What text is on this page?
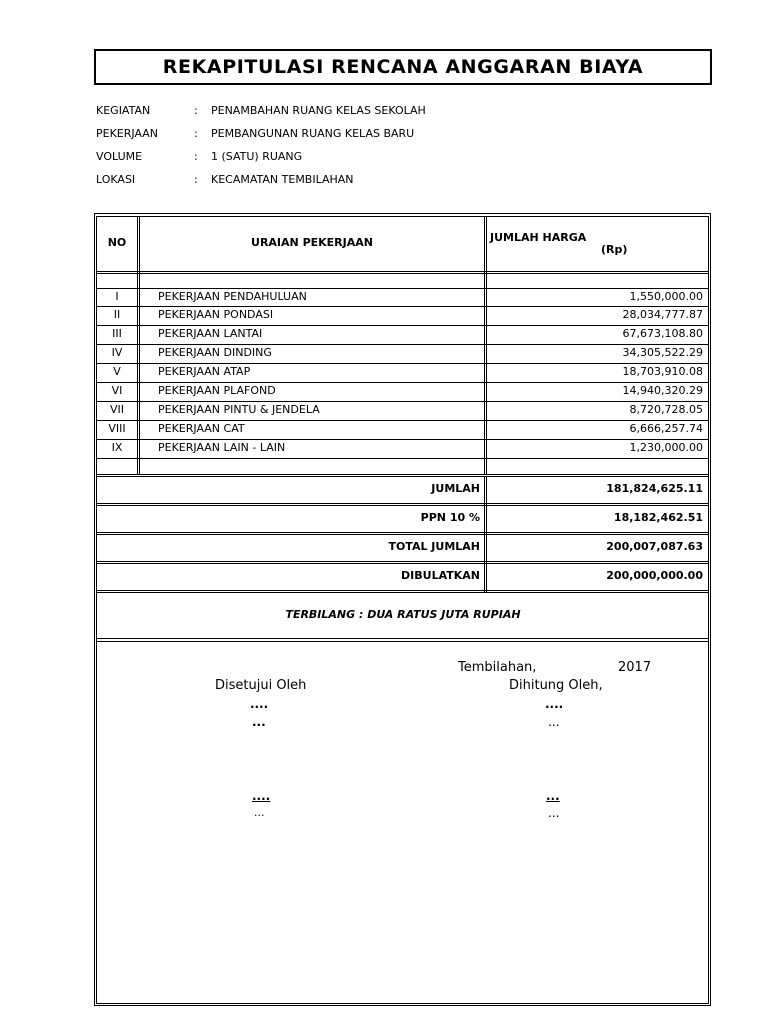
REKAPITULASI RENCANA ANGGARAN BIAYA
KEGIATAN	: PENAMBAHAN RUANG KELAS SEKOLAH
PEKERJAAN	: PEMBANGUNAN RUANG KELAS BARU
VOLUME	: 1 (SATU) RUANG
LOKASI	: KECAMATAN TEMBILAHAN
NO	URAIAN PEKERJAAN	JUMLAH HARGA
(Rp)
I	PEKERJAAN PENDAHULUAN	1,550,000.00
II	PEKERJAAN PONDASI	28,034,777.87
III	PEKERJAAN LANTAI	67,673,108.80
IV	PEKERJAAN DINDING	34,305,522.29
V	PEKERJAAN ATAP	18,703,910.08
VI	PEKERJAAN PLAFOND	14,940,320.29
VII	PEKERJAAN PINTU & JENDELA	8,720,728.05
VIII	PEKERJAAN CAT	6,666,257.74
IX	PEKERJAAN LAIN - LAIN	1,230,000.00
JUMLAH	181,824,625.11
PPN 10 %	18,182,462.51
TOTAL JUMLAH	200,007,087.63
DIBULATKAN	200,000,000.00
TERBILANG : DUA RATUS JUTA RUPIAH
Tembilahan,	2017
Disetujui Oleh	Dihitung Oleh,
....
...
....
...
....
...
...
...
